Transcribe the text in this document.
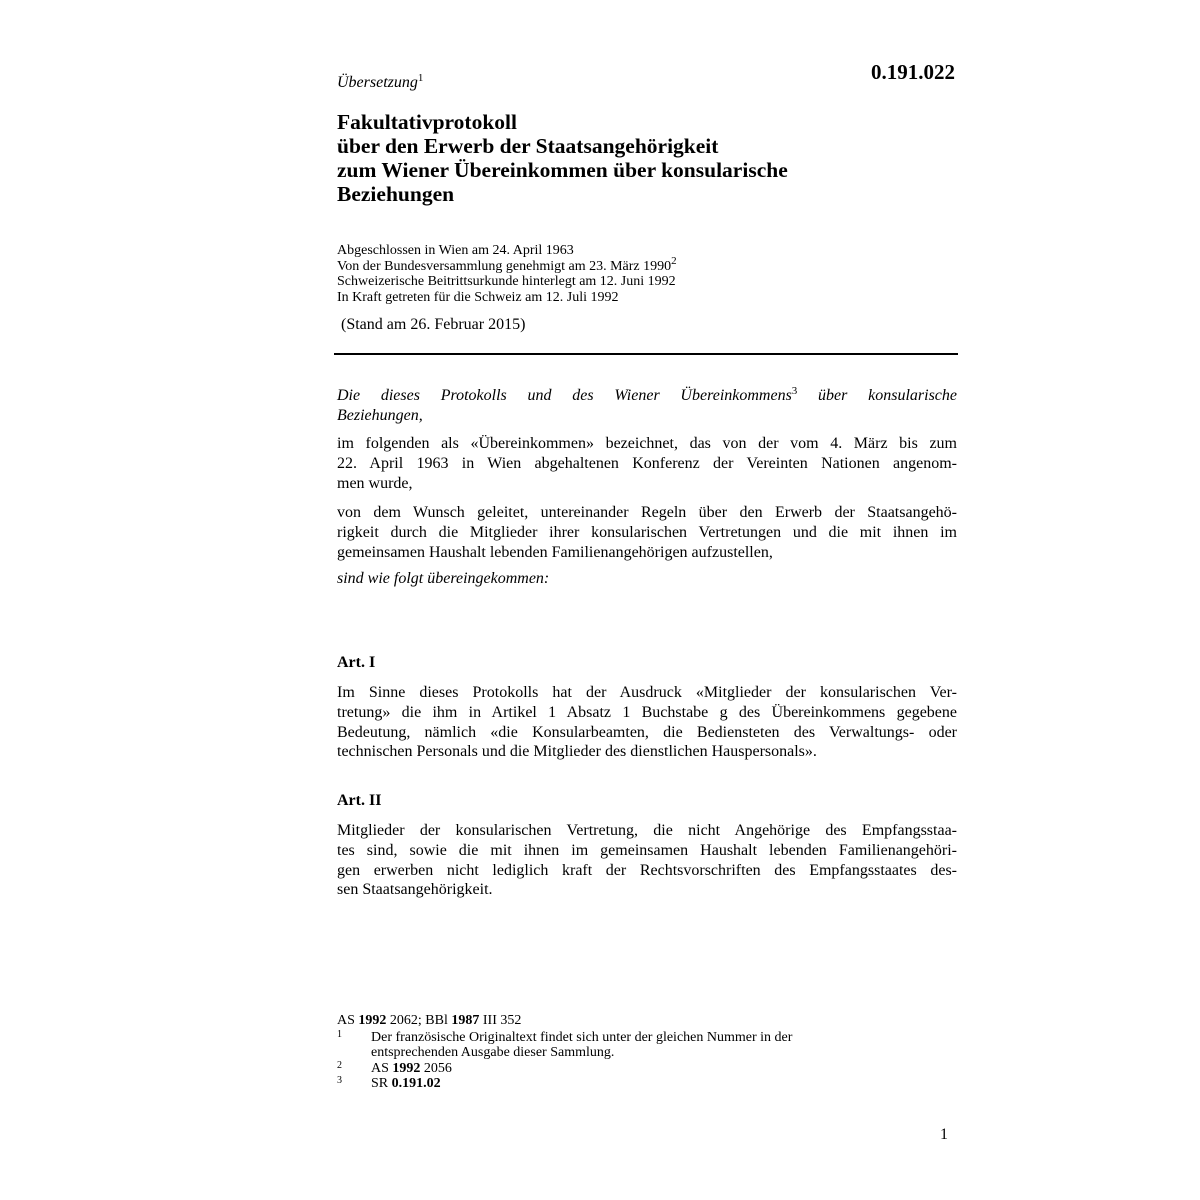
0.191.022
Übersetzung$^1$
Fakultativprotokoll
über den Erwerb der Staatsangehörigkeit
zum Wiener Übereinkommen über konsularische
Beziehungen
Abgeschlossen in Wien am 24. April 1963
Von der Bundesversammlung genehmigt am 23. März 1990$^2$
Schweizerische Beitrittsurkunde hinterlegt am 12. Juni 1992
In Kraft getreten für die Schweiz am 12. Juli 1992
(Stand am 26. Februar 2015)
Die dieses Protokolls und des Wiener Übereinkommens$^3$ über konsularische
Beziehungen,
im folgenden als «Übereinkommen» bezeichnet, das von der vom 4. März bis zum
22. April 1963 in Wien abgehaltenen Konferenz der Vereinten Nationen angenom-
men wurde,
von dem Wunsch geleitet, untereinander Regeln über den Erwerb der Staatsangehö-
rigkeit durch die Mitglieder ihrer konsularischen Vertretungen und die mit ihnen im
gemeinsamen Haushalt lebenden Familienangehörigen aufzustellen,
sind wie folgt übereingekommen:
Art. I
Im Sinne dieses Protokolls hat der Ausdruck «Mitglieder der konsularischen Ver-
tretung» die ihm in Artikel 1 Absatz 1 Buchstabe g des Übereinkommens gegebene
Bedeutung, nämlich «die Konsularbeamten, die Bediensteten des Verwaltungs- oder
technischen Personals und die Mitglieder des dienstlichen Hauspersonals».
Art. II
Mitglieder der konsularischen Vertretung, die nicht Angehörige des Empfangsstaa-
tes sind, sowie die mit ihnen im gemeinsamen Haushalt lebenden Familienangehöri-
gen erwerben nicht lediglich kraft der Rechtsvorschriften des Empfangsstaates des-
sen Staatsangehörigkeit.
AS 1992 2062; BBl 1987 III 352
1 Der französische Originaltext findet sich unter der gleichen Nummer in der
entsprechenden Ausgabe dieser Sammlung.
2 AS 1992 2056
3 SR 0.191.02
1
